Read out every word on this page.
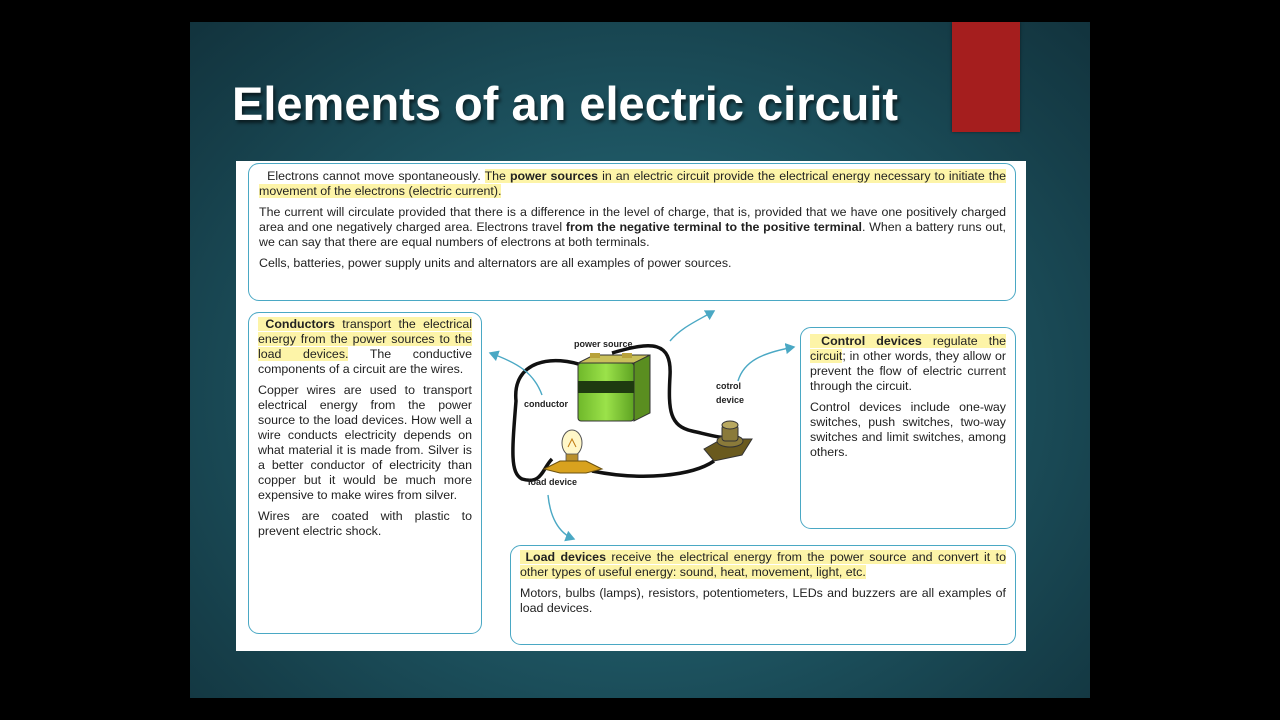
Elements of an electric circuit

Electrons cannot move spontaneously. The power sources in an electric circuit provide the electrical energy necessary to initiate the movement of the electrons (electric current).

The current will circulate provided that there is a difference in the level of charge, that is, provided that we have one positively charged area and one negatively charged area. Electrons travel from the negative terminal to the positive terminal. When a battery runs out, we can say that there are equal numbers of electrons at both terminals.

Cells, batteries, power supply units and alternators are all examples of power sources.

Conductors transport the electrical energy from the power sources to the load devices. The conductive components of a circuit are the wires.

Copper wires are used to transport electrical energy from the power source to the load devices. How well a wire conducts electricity depends on what material it is made from. Silver is a better conductor of electricity than copper but it would be much more expensive to make wires from silver.

Wires are coated with plastic to prevent electric shock.

Control devices regulate the circuit; in other words, they allow or prevent the flow of electric current through the circuit.

Control devices include one-way switches, push switches, two-way switches and limit switches, among others.

Load devices receive the electrical energy from the power source and convert it to other types of useful energy: sound, heat, movement, light, etc.

Motors, bulbs (lamps), resistors, potentiometers, LEDs and buzzers are all examples of load devices.

power source
conductor
cotrol
device
load device
